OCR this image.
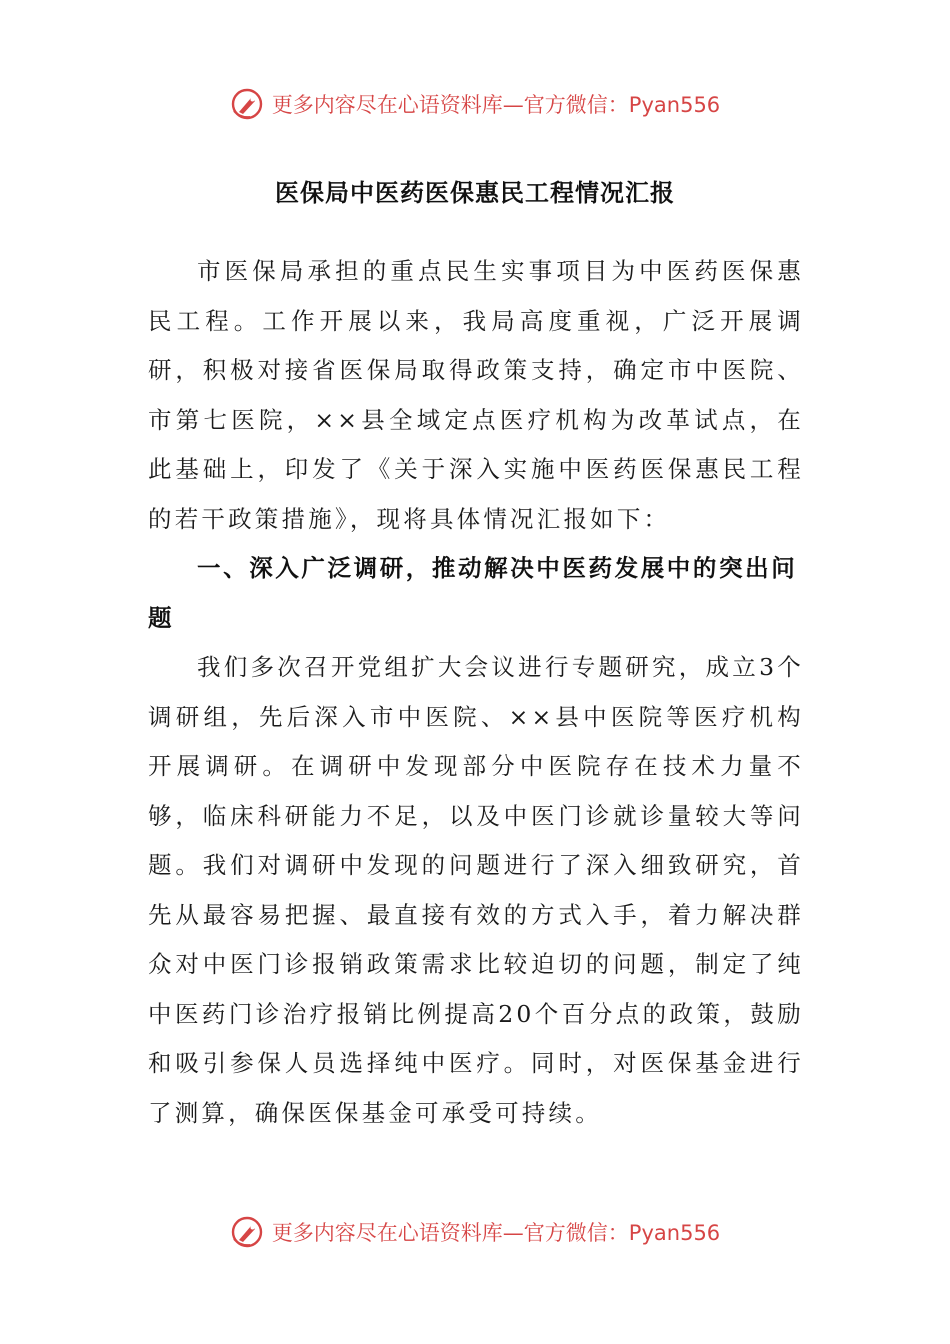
更多内容尽在心语资料库—官方微信：Pyan556
医保局中医药医保惠民工程情况汇报

市医保局承担的重点民生实事项目为中医药医保惠民工程。工作开展以来，我局高度重视，广泛开展调研，积极对接省医保局取得政策支持，确定市中医院、市第七医院，××县全域定点医疗机构为改革试点，在此基础上，印发了《关于深入实施中医药医保惠民工程的若干政策措施》，现将具体情况汇报如下：

一、深入广泛调研，推动解决中医药发展中的突出问题

我们多次召开党组扩大会议进行专题研究，成立3个调研组，先后深入市中医院、××县中医院等医疗机构开展调研。在调研中发现部分中医院存在技术力量不够，临床科研能力不足，以及中医门诊就诊量较大等问题。我们对调研中发现的问题进行了深入细致研究，首先从最容易把握、最直接有效的方式入手，着力解决群众对中医门诊报销政策需求比较迫切的问题，制定了纯中医药门诊治疗报销比例提高20个百分点的政策，鼓励和吸引参保人员选择纯中医疗。同时，对医保基金进行了测算，确保医保基金可承受可持续。

更多内容尽在心语资料库—官方微信：Pyan556
